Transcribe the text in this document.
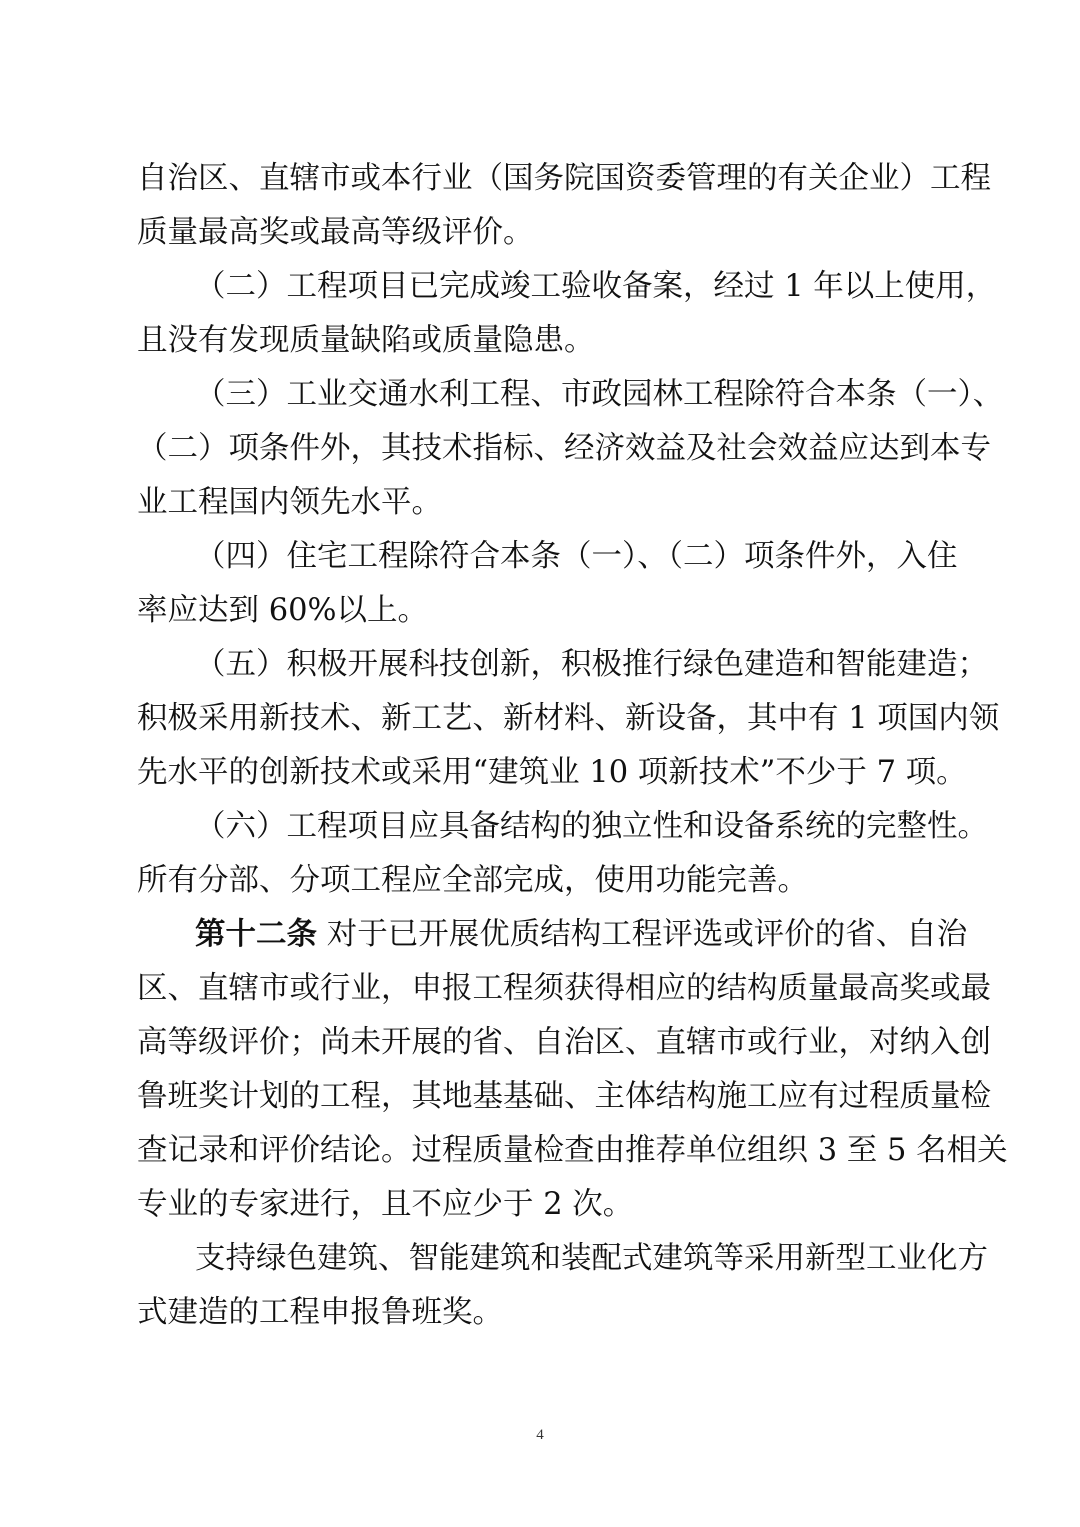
自治区、直辖市或本行业（国务院国资委管理的有关企业）工程
质量最高奖或最高等级评价。
（二）工程项目已完成竣工验收备案，经过 1 年以上使用，
且没有发现质量缺陷或质量隐患。
（三）工业交通水利工程、市政园林工程除符合本条（一）、
（二）项条件外，其技术指标、经济效益及社会效益应达到本专
业工程国内领先水平。
（四）住宅工程除符合本条（一）、（二）项条件外，入住
率应达到 60%以上。
（五）积极开展科技创新，积极推行绿色建造和智能建造；
积极采用新技术、新工艺、新材料、新设备，其中有 1 项国内领
先水平的创新技术或采用“建筑业 10 项新技术”不少于 7 项。
（六）工程项目应具备结构的独立性和设备系统的完整性。
所有分部、分项工程应全部完成，使用功能完善。
第十二条 对于已开展优质结构工程评选或评价的省、自治
区、直辖市或行业，申报工程须获得相应的结构质量最高奖或最
高等级评价；尚未开展的省、自治区、直辖市或行业，对纳入创
鲁班奖计划的工程，其地基基础、主体结构施工应有过程质量检
查记录和评价结论。过程质量检查由推荐单位组织 3 至 5 名相关
专业的专家进行，且不应少于 2 次。
支持绿色建筑、智能建筑和装配式建筑等采用新型工业化方
式建造的工程申报鲁班奖。
4
